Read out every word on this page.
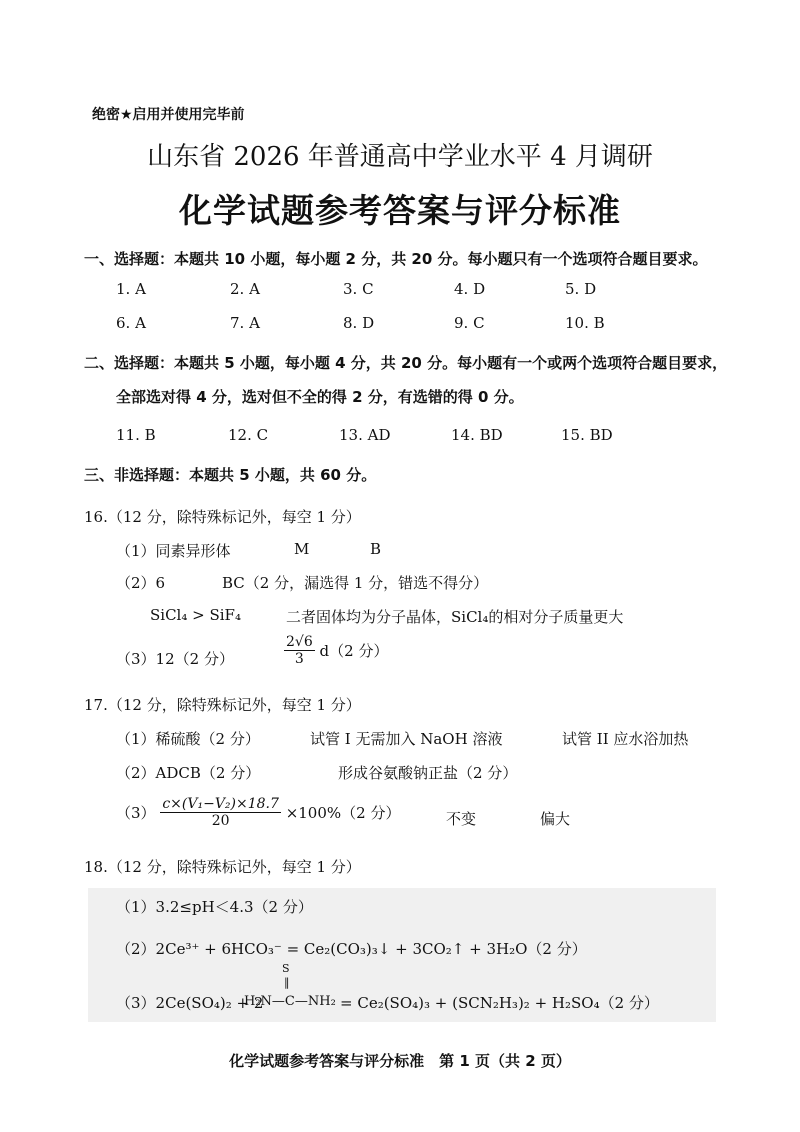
绝密★启用并使用完毕前
山东省 2026 年普通高中学业水平 4 月调研
化学试题参考答案与评分标准
一、选择题：本题共 10 小题，每小题 2 分，共 20 分。每小题只有一个选项符合题目要求。
1. A	2. A	3. C	4. D	5. D
6. A	7. A	8. D	9. C	10. B
二、选择题：本题共 5 小题，每小题 4 分，共 20 分。每小题有一个或两个选项符合题目要求，
全部选对得 4 分，选对但不全的得 2 分，有选错的得 0 分。
11. B	12. C	13. AD	14. BD	15. BD
三、非选择题：本题共 5 小题，共 60 分。
16.（12 分，除特殊标记外，每空 1 分）
（1）同素异形体	M	B
（2）6	BC（2 分，漏选得 1 分，错选不得分）
SiCl₄ > SiF₄	二者固体均为分子晶体，SiCl₄的相对分子质量更大
（3）12（2 分）	$\frac{2√6}{3} d(2$ 分）
17.（12 分，除特殊标记外，每空 1 分）
（1）稀硫酸（2 分）	试管 I 无需加入 NaOH 溶液	试管 II 应水浴加热
（2）ADCB（2 分）	形成谷氨酸钠正盐（2 分）
$(3) \frac{\text{c×(V₁−V₂)×18.7}}{20} \times 100\%(2$ 分）	不变	偏大
18.（12 分，除特殊标记外，每空 1 分）
（1）3.2≤pH＜4.3（2 分）
（2）2Ce³⁺ + 6HCO₃⁻ = Ce₂(CO₃)₃↓ + 3CO₂↑ + 3H₂O（2 分）
（3）2Ce(SO₄)₂ + 2
S
‖
H₂N—C—NH₂ = Ce₂(SO₄)₃ + (SCN₂H₃)₂ + H₂SO₄（2 分）
化学试题参考答案与评分标准　第 1 页（共 2 页）
